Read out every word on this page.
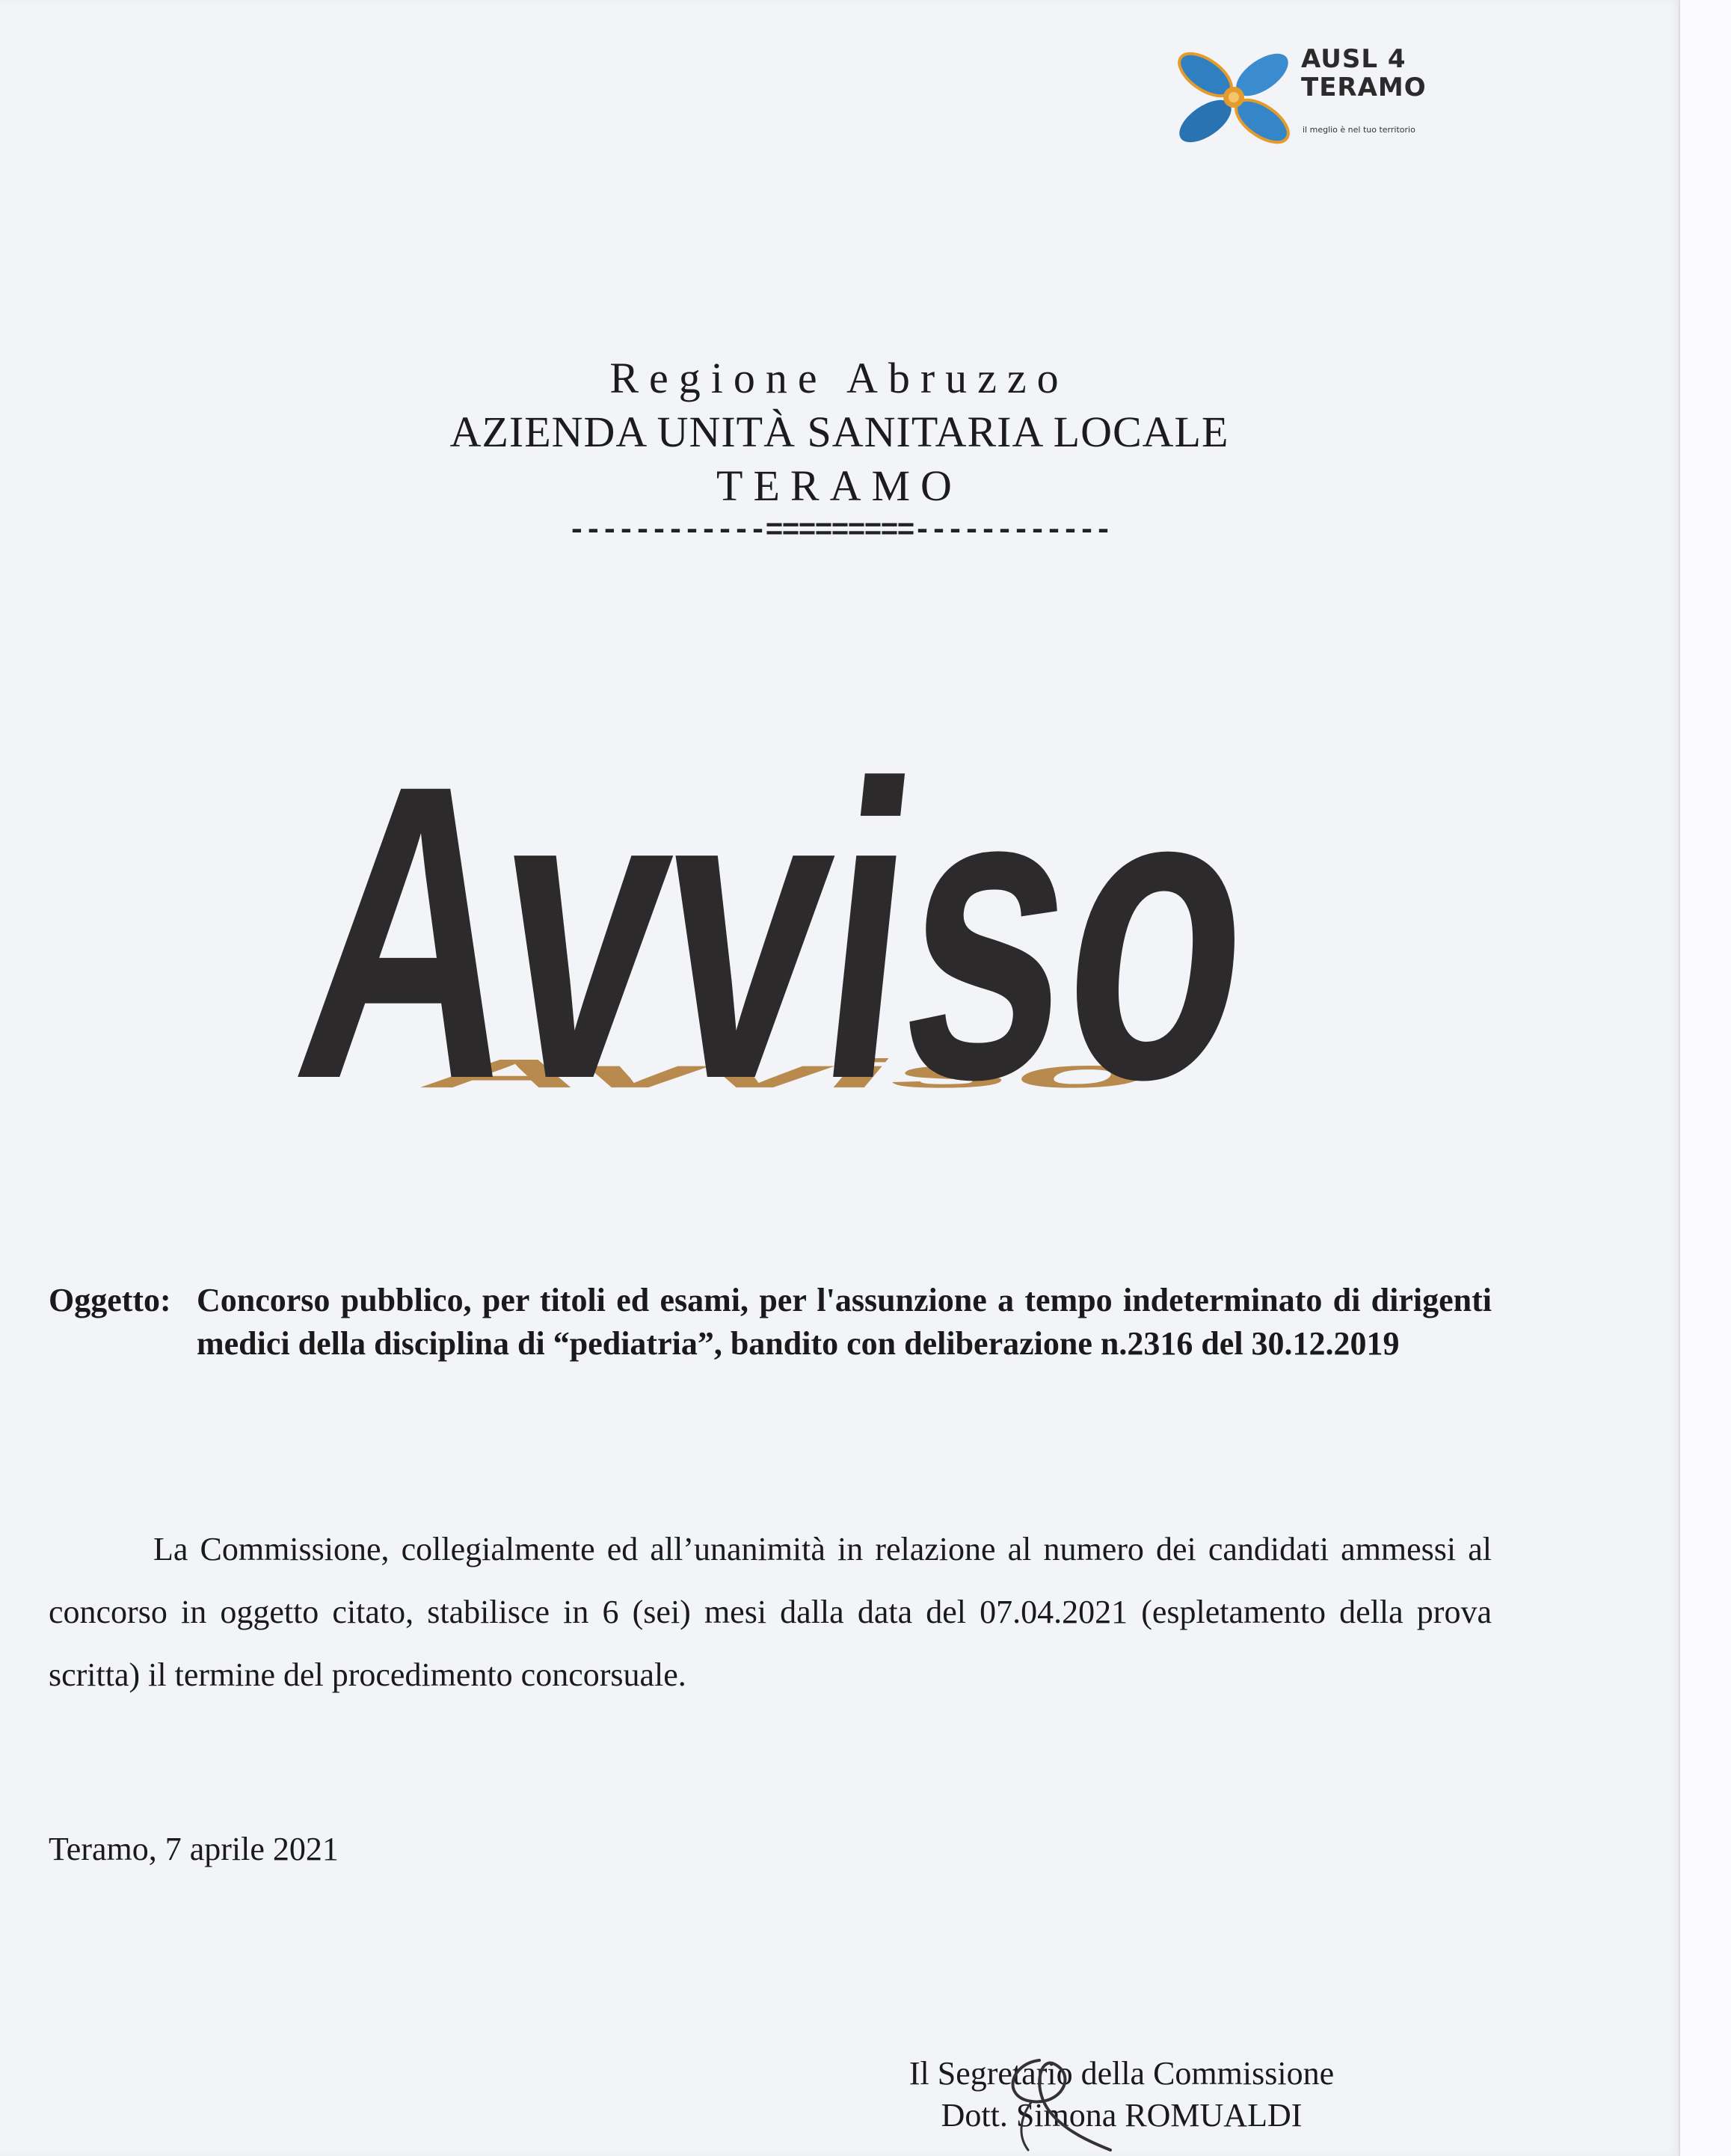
AUSL 4
TERAMO
il meglio è nel tuo territorio
Regione Abruzzo
AZIENDA UNITÀ SANITARIA LOCALE
TERAMO
------------=========------------
Avviso
Avviso
Oggetto: Concorso pubblico, per titoli ed esami, per l'assunzione a tempo indeterminato di dirigenti medici della disciplina di “pediatria”, bandito con deliberazione n.2316 del 30.12.2019
La Commissione, collegialmente ed all’unanimità in relazione al numero dei candidati ammessi al concorso in oggetto citato, stabilisce in 6 (sei) mesi dalla data del 07.04.2021 (espletamento della prova scritta) il termine del procedimento concorsuale.
Teramo, 7 aprile 2021
Il Segretario della Commissione
Dott. Simona ROMUALDI
